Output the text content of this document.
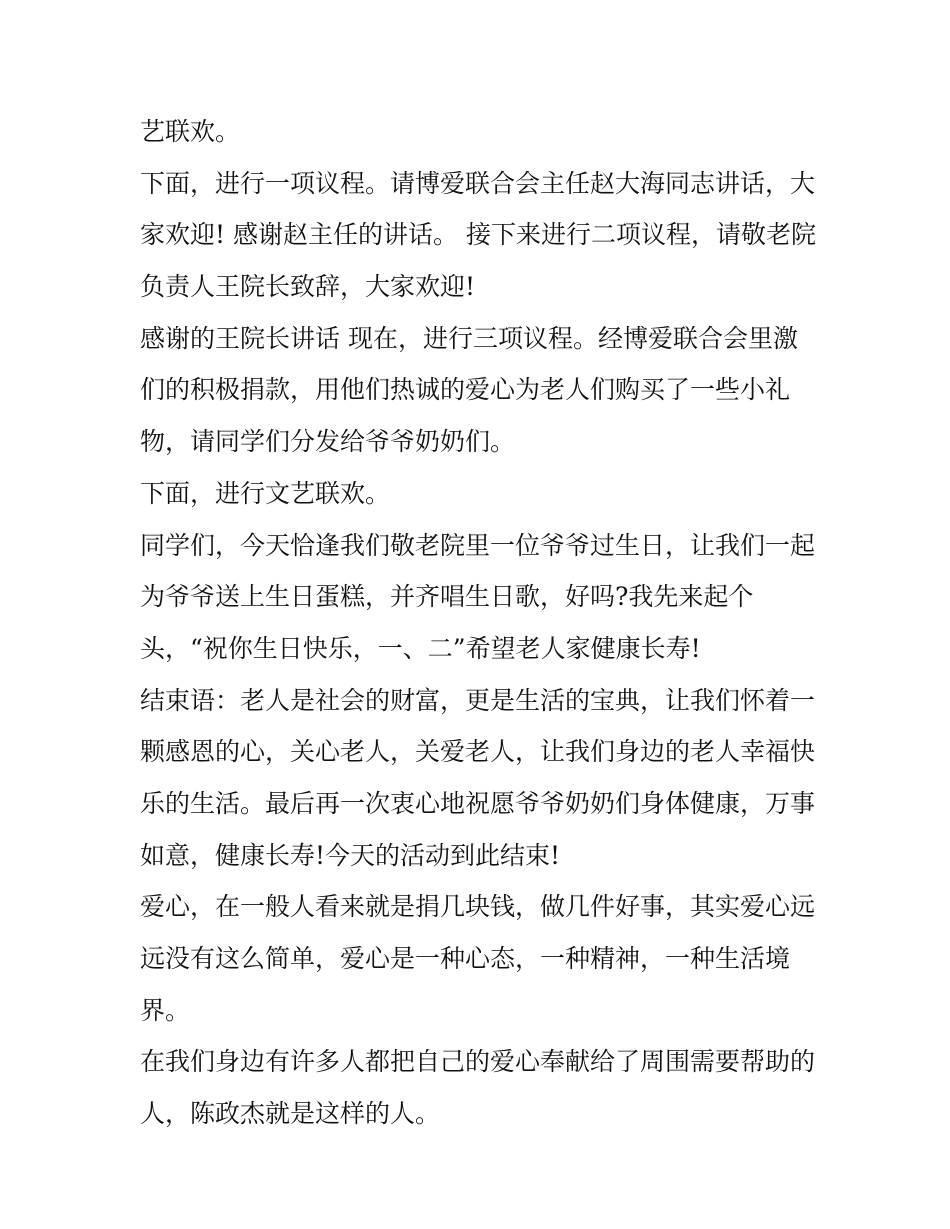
艺联欢。
下面，进行一项议程。请博爱联合会主任赵大海同志讲话，大
家欢迎! 感谢赵主任的讲话。 接下来进行二项议程，请敬老院
负责人王院长致辞，大家欢迎!
感谢的王院长讲话 现在，进行三项议程。经博爱联合会里激
们的积极捐款，用他们热诚的爱心为老人们购买了一些小礼
物，请同学们分发给爷爷奶奶们。
下面，进行文艺联欢。
同学们，今天恰逢我们敬老院里一位爷爷过生日，让我们一起
为爷爷送上生日蛋糕，并齐唱生日歌，好吗?我先来起个
头，“祝你生日快乐，一、二”希望老人家健康长寿!
结束语：老人是社会的财富，更是生活的宝典，让我们怀着一
颗感恩的心，关心老人，关爱老人，让我们身边的老人幸福快
乐的生活。最后再一次衷心地祝愿爷爷奶奶们身体健康，万事
如意，健康长寿!今天的活动到此结束!
爱心，在一般人看来就是捐几块钱，做几件好事，其实爱心远
远没有这么简单，爱心是一种心态，一种精神，一种生活境
界。
在我们身边有许多人都把自己的爱心奉献给了周围需要帮助的
人，陈政杰就是这样的人。
